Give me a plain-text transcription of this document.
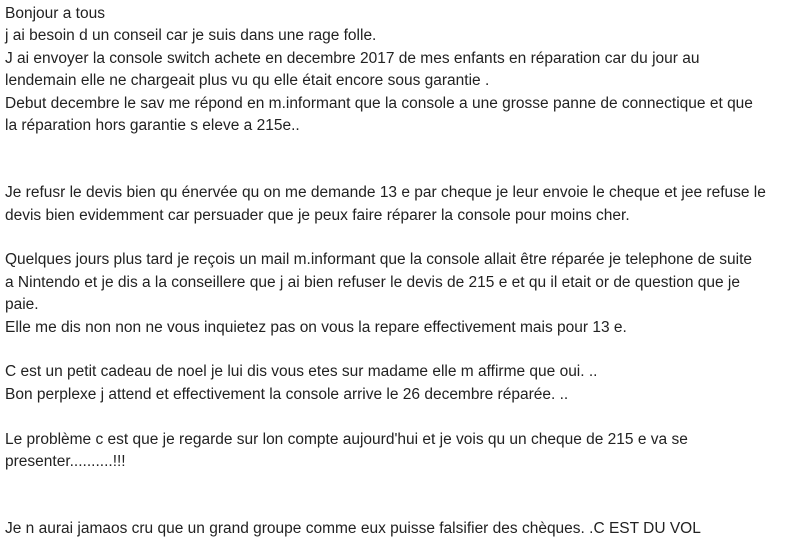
Bonjour a tous
j ai besoin d un conseil car je suis dans une rage folle.
J ai envoyer la console switch achete en decembre 2017 de mes enfants en réparation car du jour au
lendemain elle ne chargeait plus vu qu elle était encore sous garantie .
Debut decembre le sav me répond en m.informant que la console a une grosse panne de connectique et que
la réparation hors garantie s eleve a 215e..
Je refusr le devis bien qu énervée qu on me demande 13 e par cheque je leur envoie le cheque et jee refuse le
devis bien evidemment car persuader que je peux faire réparer la console pour moins cher.
Quelques jours plus tard je reçois un mail m.informant que la console allait être réparée je telephone de suite
a Nintendo et je dis a la conseillere que j ai bien refuser le devis de 215 e et qu il etait or de question que je
paie.
Elle me dis non non ne vous inquietez pas on vous la repare effectivement mais pour 13 e.
C est un petit cadeau de noel je lui dis vous etes sur madame elle m affirme que oui. ..
Bon perplexe j attend et effectivement la console arrive le 26 decembre réparée. ..
Le problème c est que je regarde sur lon compte aujourd'hui et je vois qu un cheque de 215 e va se
presenter..........!!!
Je n aurai jamaos cru que un grand groupe comme eux puisse falsifier des chèques. .C EST DU VOL
